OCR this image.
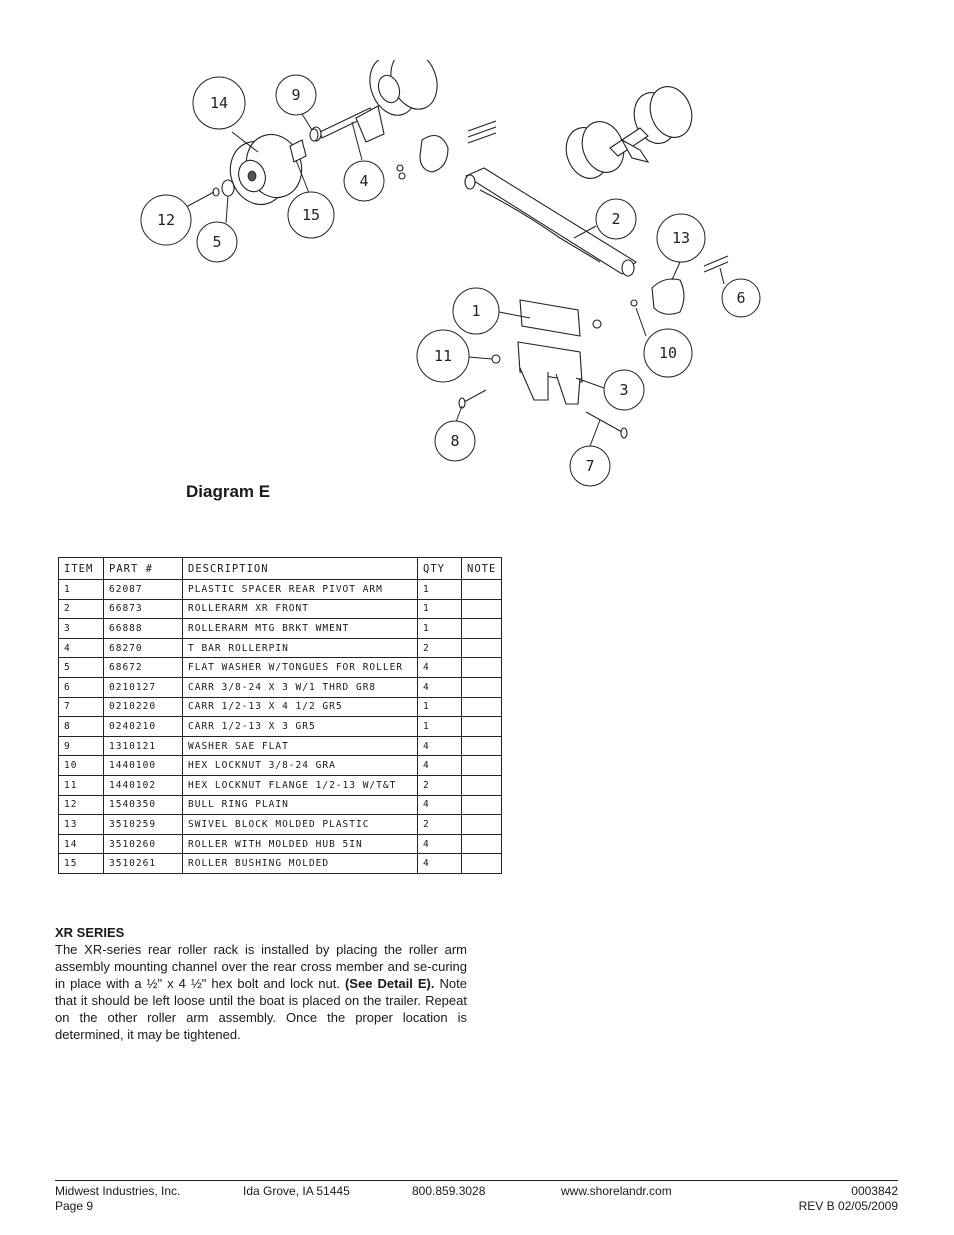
14	9
4
12
5
15	2
13
6
1
11	10
3
8
7
Diagram E
ITEM	PART #	DESCRIPTION	QTY	NOTE
1	62087	PLASTIC SPACER REAR PIVOT ARM	1	
2	66873	ROLLERARM XR FRONT	1	
3	66888	ROLLERARM MTG BRKT WMENT	1	
4	68270	T BAR ROLLERPIN	2	
5	68672	FLAT WASHER W/TONGUES FOR ROLLER	4	
6	0210127	CARR 3/8-24 X 3 W/1 THRD GR8	4	
7	0210220	CARR 1/2-13 X 4 1/2 GR5	1	
8	0240210	CARR 1/2-13 X 3 GR5	1	
9	1310121	WASHER SAE FLAT	4	
10	1440100	HEX LOCKNUT 3/8-24 GRA	4	
11	1440102	HEX LOCKNUT FLANGE 1/2-13 W/T&T	2	
12	1540350	BULL RING PLAIN	4	
13	3510259	SWIVEL BLOCK MOLDED PLASTIC	2	
14	3510260	ROLLER WITH MOLDED HUB 5IN	4	
15	3510261	ROLLER BUSHING MOLDED	4	
XR SERIES

The XR-series rear roller rack is installed by placing the roller arm assembly mounting channel over the rear cross member and se-curing in place with a ½" x 4 ½" hex bolt and lock nut. (See Detail E). Note that it should be left loose until the boat is placed on the trailer. Repeat on the other roller arm assembly. Once the proper location is determined, it may be tightened.

Midwest Industries, Inc.
Page 9
Ida Grove, IA 51445	800.859.3028	www.shorelandr.com	0003842
REV B 02/05/2009
